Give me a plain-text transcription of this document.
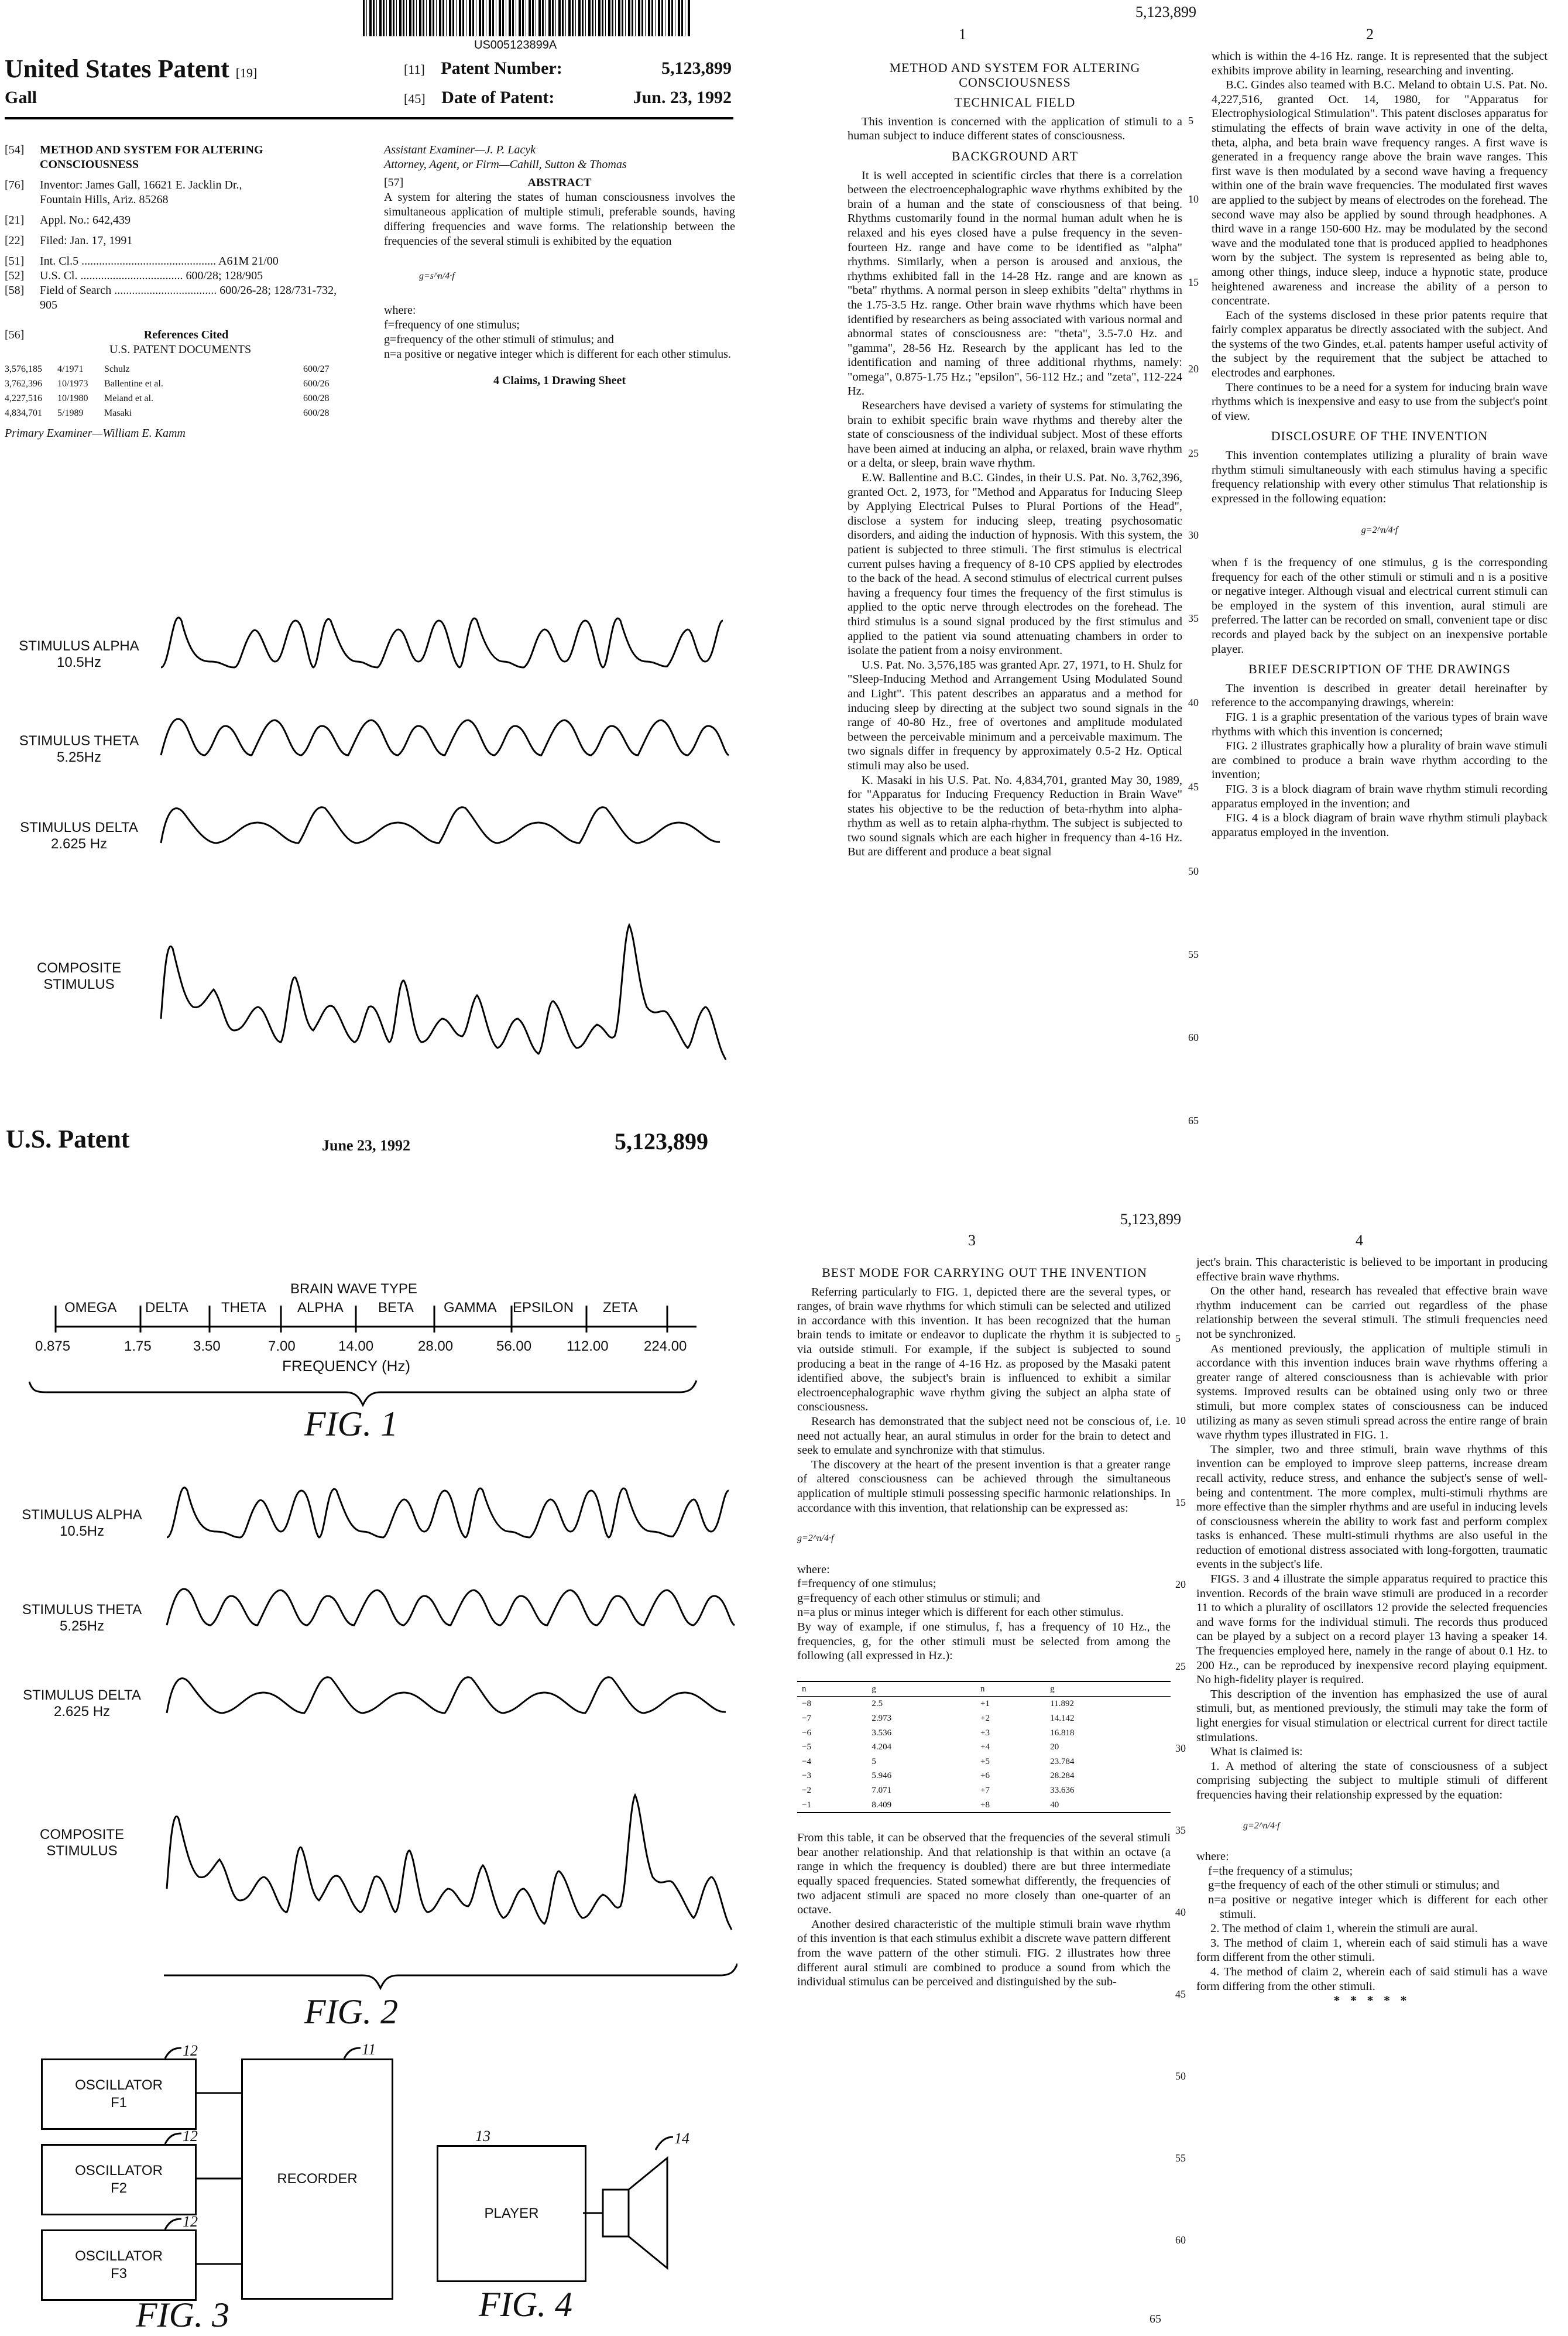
US005123899A
United States Patent [19]
Gall
[11] Patent Number:	5,123,899
[45] Date of Patent:	Jun. 23, 1992
[54]	METHOD AND SYSTEM FOR ALTERING CONSCIOUSNESS
[76]	Inventor: James Gall, 16621 E. Jacklin Dr., Fountain Hills, Ariz. 85268
[21]	Appl. No.: 642,439
[22]	Filed: Jan. 17, 1991
[51]	Int. Cl.5 .............................................. A61M 21/00
[52]	U.S. Cl. ................................... 600/28; 128/905
[58]	Field of Search ................................... 600/26-28; 128/731-732, 905
[56]	References Cited
U.S. PATENT DOCUMENTS
3,576,185	4/1971	Schulz	600/27
3,762,396	10/1973	Ballentine et al.	600/26
4,227,516	10/1980	Meland et al.	600/28
4,834,701	5/1989	Masaki	600/28
Primary Examiner—William E. Kamm
Assistant Examiner—J. P. Lacyk
Attorney, Agent, or Firm—Cahill, Sutton & Thomas
[57]	ABSTRACT
A system for altering the states of human consciousness involves the simultaneous application of multiple stimuli, preferable sounds, having differing frequencies and wave forms. The relationship between the frequencies of the several stimuli is exhibited by the equation
g=s^n/4·f
where:
f=frequency of one stimulus;
g=frequency of the other stimuli of stimulus; and
n=a positive or negative integer which is different for each other stimulus.
4 Claims, 1 Drawing Sheet
STIMULUS ALPHA 10.5Hz
STIMULUS THETA 5.25Hz
STIMULUS DELTA 2.625 Hz
COMPOSITE STIMULUS
5,123,899
1	2
METHOD AND SYSTEM FOR ALTERING CONSCIOUSNESS
TECHNICAL FIELD

This invention is concerned with the application of stimuli to a human subject to induce different states of consciousness.

BACKGROUND ART

It is well accepted in scientific circles that there is a correlation between the electroencephalographic wave rhythms exhibited by the brain of a human and the state of consciousness of that being. Rhythms customarily found in the normal human adult when he is relaxed and his eyes closed have a pulse frequency in the seven-fourteen Hz. range and have come to be identified as "alpha" rhythms. Similarly, when a person is aroused and anxious, the rhythms exhibited fall in the 14-28 Hz. range and are known as "beta" rhythms. A normal person in sleep exhibits "delta" rhythms in the 1.75-3.5 Hz. range. Other brain wave rhythms which have been identified by researchers as being associated with various normal and abnormal states of consciousness are: "theta", 3.5-7.0 Hz. and "gamma", 28-56 Hz. Research by the applicant has led to the identification and naming of three additional rhythms, namely: "omega", 0.875-1.75 Hz.; "epsilon", 56-112 Hz.; and "zeta", 112-224 Hz.

Researchers have devised a variety of systems for stimulating the brain to exhibit specific brain wave rhythms and thereby alter the state of consciousness of the individual subject. Most of these efforts have been aimed at inducing an alpha, or relaxed, brain wave rhythm or a delta, or sleep, brain wave rhythm.

E.W. Ballentine and B.C. Gindes, in their U.S. Pat. No. 3,762,396, granted Oct. 2, 1973, for "Method and Apparatus for Inducing Sleep by Applying Electrical Pulses to Plural Portions of the Head", disclose a system for inducing sleep, treating psychosomatic disorders, and aiding the induction of hypnosis. With this system, the patient is subjected to three stimuli. The first stimulus is electrical current pulses having a frequency of 8-10 CPS applied by electrodes to the back of the head. A second stimulus of electrical current pulses having a frequency four times the frequency of the first stimulus is applied to the optic nerve through electrodes on the forehead. The third stimulus is a sound signal produced by the first stimulus and applied to the patient via sound attenuating chambers in order to isolate the patient from a noisy environment.

U.S. Pat. No. 3,576,185 was granted Apr. 27, 1971, to H. Shulz for "Sleep-Inducing Method and Arrangement Using Modulated Sound and Light". This patent describes an apparatus and a method for inducing sleep by directing at the subject two sound signals in the range of 40-80 Hz., free of overtones and amplitude modulated between the perceivable minimum and a perceivable maximum. The two signals differ in frequency by approximately 0.5-2 Hz. Optical stimuli may also be used.

K. Masaki in his U.S. Pat. No. 4,834,701, granted May 30, 1989, for "Apparatus for Inducing Frequency Reduction in Brain Wave" states his objective to be the reduction of beta-rhythm into alpha-rhythm as well as to retain alpha-rhythm. The subject is subjected to two sound signals which are each higher in frequency than 4-16 Hz. But are different and produce a beat signal

5
10
15
20
25
30
35
40
45
50
55
60
65

which is within the 4-16 Hz. range. It is represented that the subject exhibits improve ability in learning, researching and inventing.

B.C. Gindes also teamed with B.C. Meland to obtain U.S. Pat. No. 4,227,516, granted Oct. 14, 1980, for "Apparatus for Electrophysiological Stimulation". This patent discloses apparatus for stimulating the effects of brain wave activity in one of the delta, theta, alpha, and beta brain wave frequency ranges. A first wave is generated in a frequency range above the brain wave ranges. This first wave is then modulated by a second wave having a frequency within one of the brain wave frequencies. The modulated first waves are applied to the subject by means of electrodes on the forehead. The second wave may also be applied by sound through headphones. A third wave in a range 150-600 Hz. may be modulated by the second wave and the modulated tone that is produced applied to headphones worn by the subject. The system is represented as being able to, among other things, induce sleep, induce a hypnotic state, produce heightened awareness and increase the ability of a person to concentrate.

Each of the systems disclosed in these prior patents require that fairly complex apparatus be directly associated with the subject. And the systems of the two Gindes, et.al. patents hamper useful activity of the subject by the requirement that the subject be attached to electrodes and earphones.

There continues to be a need for a system for inducing brain wave rhythms which is inexpensive and easy to use from the subject's point of view.

DISCLOSURE OF THE INVENTION

This invention contemplates utilizing a plurality of brain wave rhythm stimuli simultaneously with each stimulus having a specific frequency relationship with every other stimulus That relationship is expressed in the following equation:

g=2^n/4·f

when f is the frequency of one stimulus, g is the corresponding frequency for each of the other stimuli or stimuli and n is a positive or negative integer. Although visual and electrical current stimuli can be employed in the system of this invention, aural stimuli are preferred. The latter can be recorded on small, convenient tape or disc records and played back by the subject on an inexpensive portable player.

BRIEF DESCRIPTION OF THE DRAWINGS

The invention is described in greater detail hereinafter by reference to the accompanying drawings, wherein:

FIG. 1 is a graphic presentation of the various types of brain wave rhythms with which this invention is concerned;

FIG. 2 illustrates graphically how a plurality of brain wave stimuli are combined to produce a brain wave rhythm according to the invention;

FIG. 3 is a block diagram of brain wave rhythm stimuli recording apparatus employed in the invention; and

FIG. 4 is a block diagram of brain wave rhythm stimuli playback apparatus employed in the invention.

U.S. Patent	June 23, 1992	5,123,899
BRAIN WAVE TYPE
OMEGA DELTA THETA ALPHA BETA GAMMA EPSILON ZETA
0.875	1.75	3.50	7.00	14.00	28.00	56.00 112.00	224.00
FREQUENCY (Hz)
FIG. 1
STIMULUS ALPHA 10.5Hz
STIMULUS THETA 5.25Hz
STIMULUS DELTA 2.625 Hz
COMPOSITE STIMULUS
FIG. 2
OSCILLATOR F1
OSCILLATOR F2
OSCILLATOR F3
RECORDER
12
12
12
11
FIG. 3
PLAYER
14
13
FIG. 4
5,123,899
3	4
BEST MODE FOR CARRYING OUT THE INVENTION

Referring particularly to FIG. 1, depicted there are the several types, or ranges, of brain wave rhythms for which stimuli can be selected and utilized in accordance with this invention. It has been recognized that the human brain tends to imitate or endeavor to duplicate the rhythm it is subjected to via outside stimuli. For example, if the subject is subjected to sound producing a beat in the range of 4-16 Hz. as proposed by the Masaki patent identified above, the subject's brain is influenced to exhibit a similar electroencephalographic wave rhythm giving the subject an alpha state of consciousness.

Research has demonstrated that the subject need not be conscious of, i.e. need not actually hear, an aural stimulus in order for the brain to detect and seek to emulate and synchronize with that stimulus.

The discovery at the heart of the present invention is that a greater range of altered consciousness can be achieved through the simultaneous application of multiple stimuli possessing specific harmonic relationships. In accordance with this invention, that relationship can be expressed as:

g=2^n/4·f

where:

f=frequency of one stimulus;

g=frequency of each other stimulus or stimuli; and

n=a plus or minus integer which is different for each other stimulus.

By way of example, if one stimulus, f, has a frequency of 10 Hz., the frequencies, g, for the other stimuli must be selected from among the following (all expressed in Hz.):

n	g	n	g
−8	2.5	+1	11.892
−7	2.973	+2	14.142
−6	3.536	+3	16.818
−5	4.204	+4	20
−4	5	+5	23.784
−3	5.946	+6	28.284
−2	7.071	+7	33.636
−1	8.409	+8	40

From this table, it can be observed that the frequencies of the several stimuli bear another relationship. And that relationship is that within an octave (a range in which the frequency is doubled) there are but three intermediate equally spaced frequencies. Stated somewhat differently, the frequencies of two adjacent stimuli are spaced no more closely than one-quarter of an octave.

Another desired characteristic of the multiple stimuli brain wave rhythm of this invention is that each stimulus exhibit a discrete wave pattern different from the wave pattern of the other stimuli. FIG. 2 illustrates how three different aural stimuli are combined to produce a sound from which the individual stimulus can be perceived and distinguished by the sub-

5
10
15
20
25
30
35
40
45
50
55
60

ject's brain. This characteristic is believed to be important in producing effective brain wave rhythms.

On the other hand, research has revealed that effective brain wave rhythm inducement can be carried out regardless of the phase relationship between the several stimuli. The stimuli frequencies need not be synchronized.

As mentioned previously, the application of multiple stimuli in accordance with this invention induces brain wave rhythms offering a greater range of altered consciousness than is achievable with prior systems. Improved results can be obtained using only two or three stimuli, but more complex states of consciousness can be induced utilizing as many as seven stimuli spread across the entire range of brain wave rhythm types illustrated in FIG. 1.

The simpler, two and three stimuli, brain wave rhythms of this invention can be employed to improve sleep patterns, increase dream recall activity, reduce stress, and enhance the subject's sense of well-being and contentment. The more complex, multi-stimuli rhythms are more effective than the simpler rhythms and are useful in inducing levels of consciousness wherein the ability to work fast and perform complex tasks is enhanced. These multi-stimuli rhythms are also useful in the reduction of emotional distress associated with long-forgotten, traumatic events in the subject's life.

FIGS. 3 and 4 illustrate the simple apparatus required to practice this invention. Records of the brain wave stimuli are produced in a recorder 11 to which a plurality of oscillators 12 provide the selected frequencies and wave forms for the individual stimuli. The records thus produced can be played by a subject on a record player 13 having a speaker 14. The frequencies employed here, namely in the range of about 0.1 Hz. to 200 Hz., can be reproduced by inexpensive record playing equipment. No high-fidelity player is required.

This description of the invention has emphasized the use of aural stimuli, but, as mentioned previously, the stimuli may take the form of light energies for visual stimulation or electrical current for direct tactile stimulations.

What is claimed is:

1. A method of altering the state of consciousness of a subject comprising subjecting the subject to multiple stimuli of different frequencies having their relationship expressed by the equation:

g=2^n/4·f

where:

f=the frequency of a stimulus;

g=the frequency of each of the other stimuli or stimulus; and

n=a positive or negative integer which is different for each other stimuli.

2. The method of claim 1, wherein the stimuli are aural.

3. The method of claim 1, wherein each of said stimuli has a wave form different from the other stimuli.

4. The method of claim 2, wherein each of said stimuli has a wave form differing from the other stimuli.

* * * * *
65
